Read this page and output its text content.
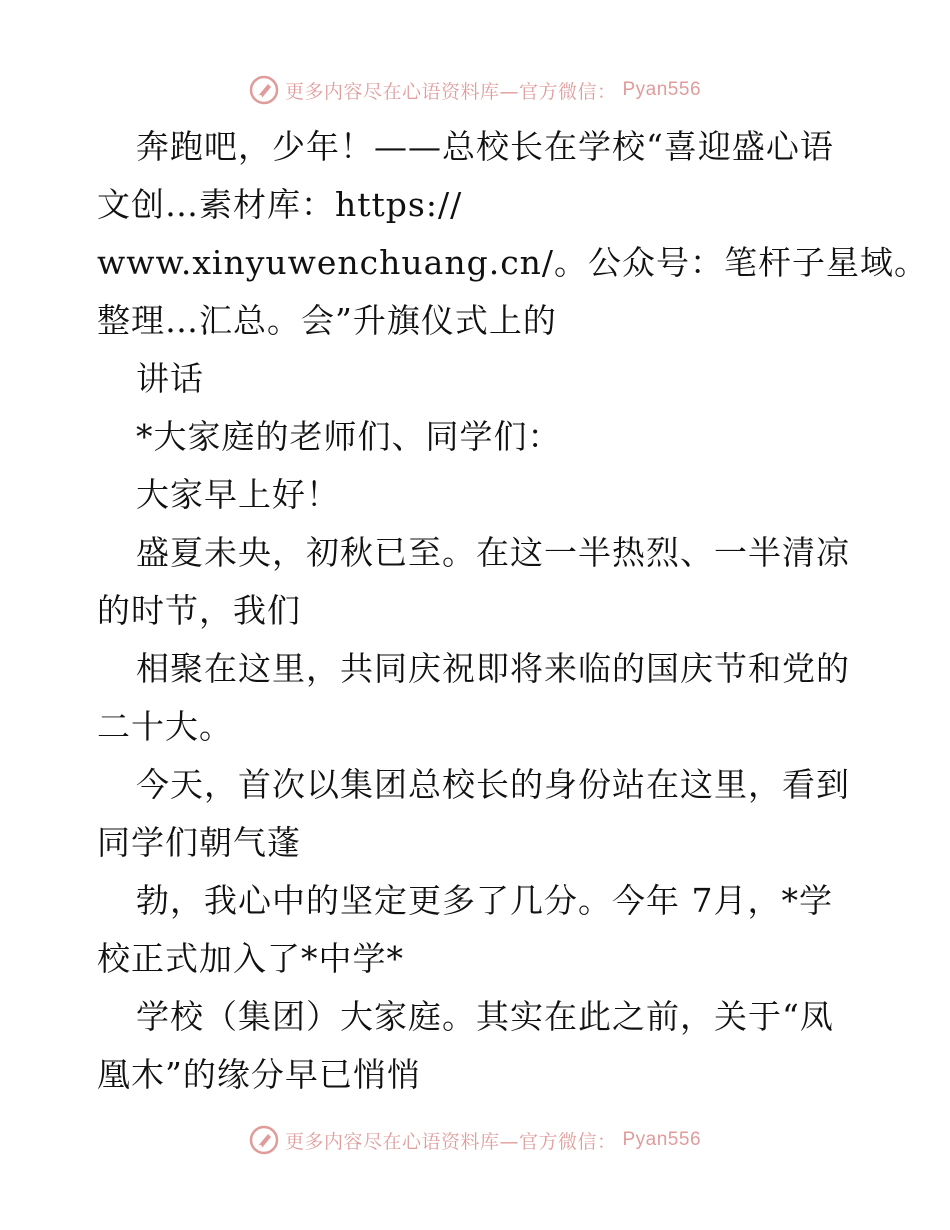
更多内容尽在心语资料库—官方微信： Pyan556

奔跑吧，少年！——总校长在学校“喜迎盛心语

文创…素材库：https://

www.xinyuwenchuang.cn/。公众号：笔杆子星域。

整理…汇总。会”升旗仪式上的

讲话

*大家庭的老师们、同学们：

大家早上好！

盛夏未央，初秋已至。在这一半热烈、一半清凉

的时节，我们

相聚在这里，共同庆祝即将来临的国庆节和党的

二十大。

今天，首次以集团总校长的身份站在这里，看到

同学们朝气蓬

勃，我心中的坚定更多了几分。今年 7月，*学

校正式加入了*中学*

学校（集团）大家庭。其实在此之前，关于“凤

凰木”的缘分早已悄悄

更多内容尽在心语资料库—官方微信： Pyan556
